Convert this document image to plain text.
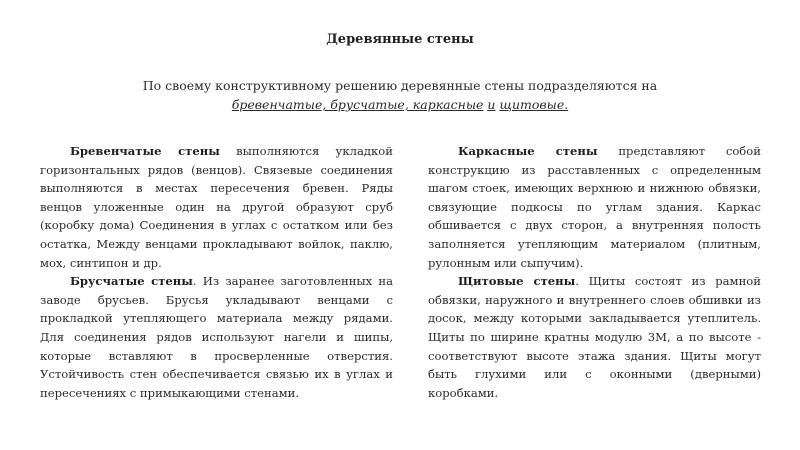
Деревянные стены
По своему конструктивному решению деревянные стены подразделяются на
бревенчатые, брусчатые, каркасные и щитовые.

Бревенчатые стены выполняются укладкой горизонтальных рядов (венцов). Связевые соединения выполняются в местах пересечения бревен. Ряды венцов уложенные один на другой образуют сруб (коробку дома) Соединения в углах с остатком или без остатка, Между венцами прокладывают войлок, паклю, мох, синтипон и др.

Брусчатые стены. Из заранее заготовленных на заводе брусьев. Брусья укладывают венцами с прокладкой утепляющего материала между рядами. Для соединения рядов используют нагели и шипы, которые вставляют в просверленные отверстия. Устойчивость стен обеспечивается связью их в углах и пересечениях с примыкающими стенами.

Каркасные стены представляют собой конструкцию из расставленных с определенным шагом стоек, имеющих верхнюю и нижнюю обвязки, связующие подкосы по углам здания. Каркас обшивается с двух сторон, а внутренняя полость заполняется утепляющим материалом (плитным, рулонным или сыпучим).

Щитовые стены. Щиты состоят из рамной обвязки, наружного и внутреннего слоев обшивки из досок, между которыми закладывается утеплитель. Щиты по ширине кратны модулю 3М, а по высоте - соответствуют высоте этажа здания. Щиты могут быть глухими или с оконными (дверными) коробками.
